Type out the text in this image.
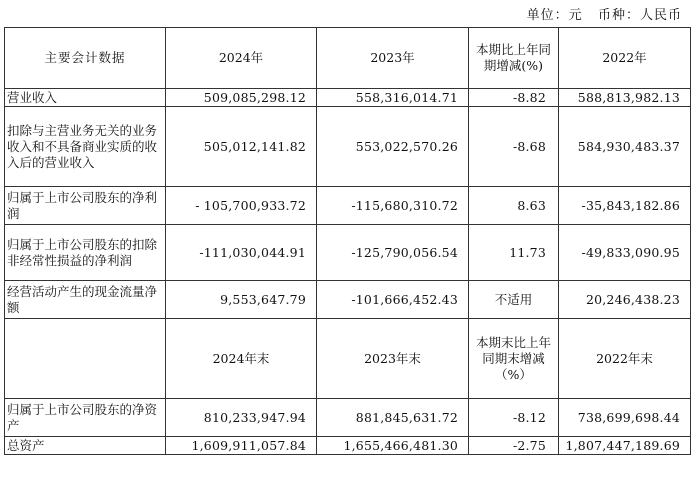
单位：元   币种：人民币
主要会计数据	2024年	2023年	本期比上年同期增减(%)	2022年
营业收入	509,085,298.12	558,316,014.71	-8.82	588,813,982.13
扣除与主营业务无关的业务收入和不具备商业实质的收入后的营业收入	505,012,141.82	553,022,570.26	-8.68	584,930,483.37
归属于上市公司股东的净利润	- 105,700,933.72	-115,680,310.72	8.63	-35,843,182.86
归属于上市公司股东的扣除非经常性损益的净利润	-111,030,044.91	-125,790,056.54	11.73	-49,833,090.95
经营活动产生的现金流量净额	9,553,647.79	-101,666,452.43	不适用	20,246,438.23
	2024年末	2023年末	本期末比上年同期末增减（%）	2022年末
归属于上市公司股东的净资产	810,233,947.94	881,845,631.72	-8.12	738,699,698.44
总资产	1,609,911,057.84	1,655,466,481.30	-2.75	1,807,447,189.69
